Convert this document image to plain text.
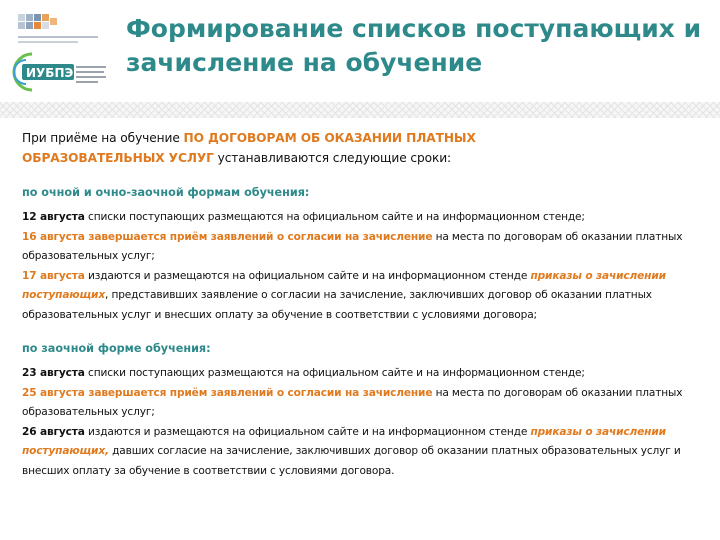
ИУБПЭ
Формирование списков поступающих и
зачисление на обучение
При приёме на обучение ПО ДОГОВОРАМ ОБ ОКАЗАНИИ ПЛАТНЫХ
ОБРАЗОВАТЕЛЬНЫХ УСЛУГ устанавливаются следующие сроки:
по очной и очно-заочной формам обучения:

12 августа списки поступающих размещаются на официальном сайте и на информационном стенде;

16 августа завершается приём заявлений о согласии на зачисление на места по договорам об оказании платных образовательных услуг;

17 августа издаются и размещаются на официальном сайте и на информационном стенде приказы о зачислении поступающих, представивших заявление о согласии на зачисление, заключивших договор об оказании платных образовательных услуг и внесших оплату за обучение в соответствии с условиями договора;

по заочной форме обучения:

23 августа списки поступающих размещаются на официальном сайте и на информационном стенде;

25 августа завершается приём заявлений о согласии на зачисление на места по договорам об оказании платных образовательных услуг;

26 августа издаются и размещаются на официальном сайте и на информационном стенде приказы о зачислении поступающих, давших согласие на зачисление, заключивших договор об оказании платных образовательных услуг и внесших оплату за обучение в соответствии с условиями договора.
